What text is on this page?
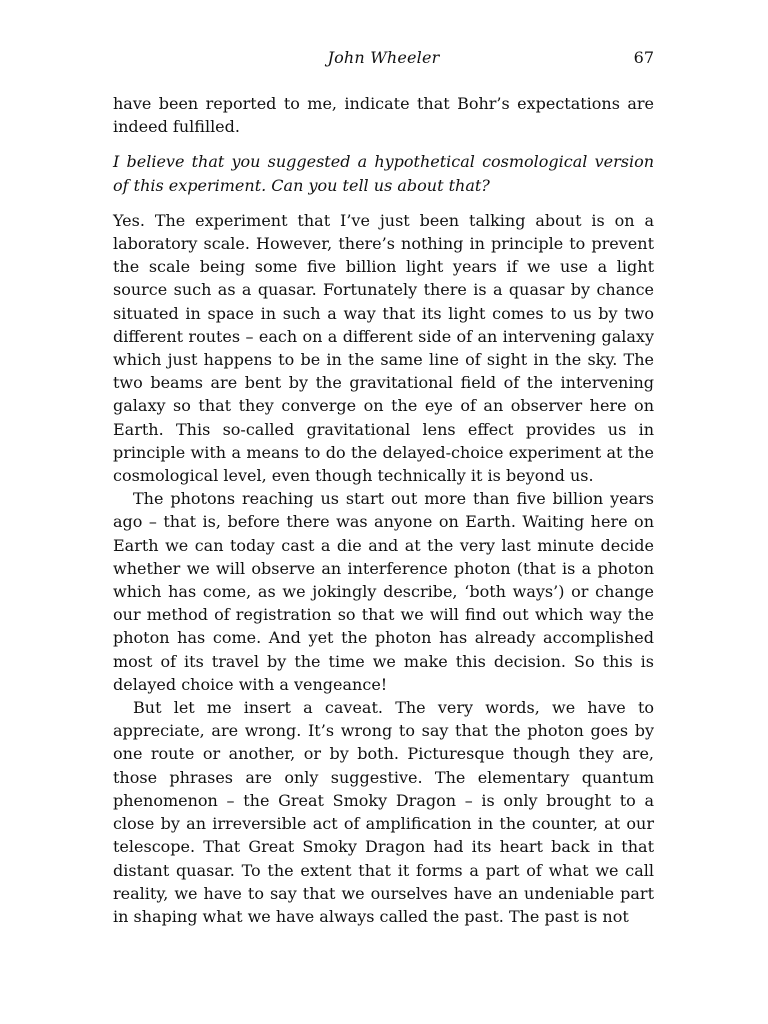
John Wheeler	67

have been reported to me, indicate that Bohr’s expectations are indeed fulfilled.

I believe that you suggested a hypothetical cosmological version of this experiment. Can you tell us about that?

Yes. The experiment that I’ve just been talking about is on a laboratory scale. However, there’s nothing in principle to prevent the scale being some five billion light years if we use a light source such as a quasar. Fortunately there is a quasar by chance situated in space in such a way that its light comes to us by two different routes – each on a different side of an intervening galaxy which just happens to be in the same line of sight in the sky. The two beams are bent by the gravitational field of the intervening galaxy so that they converge on the eye of an observer here on Earth. This so-called gravitational lens effect provides us in principle with a means to do the delayed-choice experiment at the cosmological level, even though technically it is beyond us.

The photons reaching us start out more than five billion years ago – that is, before there was anyone on Earth. Waiting here on Earth we can today cast a die and at the very last minute decide whether we will observe an interference photon (that is a photon which has come, as we jokingly describe, ‘both ways’) or change our method of registration so that we will find out which way the photon has come. And yet the photon has already accomplished most of its travel by the time we make this decision. So this is delayed choice with a vengeance!

But let me insert a caveat. The very words, we have to appreciate, are wrong. It’s wrong to say that the photon goes by one route or another, or by both. Picturesque though they are, those phrases are only suggestive. The elementary quantum phenomenon – the Great Smoky Dragon – is only brought to a close by an irreversible act of amplification in the counter, at our telescope. That Great Smoky Dragon had its heart back in that distant quasar. To the extent that it forms a part of what we call reality, we have to say that we ourselves have an undeniable part in shaping what we have always called the past. The past is not
